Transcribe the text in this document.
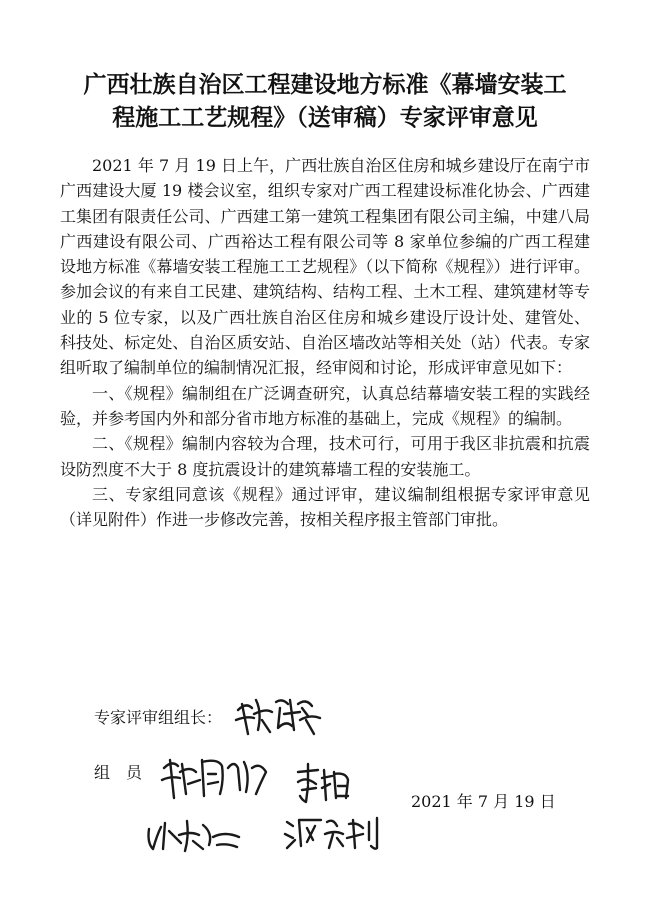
广西壮族自治区工程建设地方标准《幕墙安装工
程施工工艺规程》（送审稿）专家评审意见

2021 年 7 月 19 日上午，广西壮族自治区住房和城乡建设厅在南宁市广西建设大厦 19 楼会议室，组织专家对广西工程建设标准化协会、广西建工集团有限责任公司、广西建工第一建筑工程集团有限公司主编，中建八局广西建设有限公司、广西裕达工程有限公司等 8 家单位参编的广西工程建设地方标准《幕墙安装工程施工工艺规程》（以下简称《规程》）进行评审。参加会议的有来自工民建、建筑结构、结构工程、土木工程、建筑建材等专业的 5 位专家，以及广西壮族自治区住房和城乡建设厅设计处、建管处、科技处、标定处、自治区质安站、自治区墙改站等相关处（站）代表。专家组听取了编制单位的编制情况汇报，经审阅和讨论，形成评审意见如下：

一、《规程》编制组在广泛调查研究，认真总结幕墙安装工程的实践经验，并参考国内外和部分省市地方标准的基础上，完成《规程》的编制。

二、《规程》编制内容较为合理，技术可行，可用于我区非抗震和抗震设防烈度不大于 8 度抗震设计的建筑幕墙工程的安装施工。

三、专家组同意该《规程》通过评审，建议编制组根据专家评审意见（详见附件）作进一步修改完善，按相关程序报主管部门审批。

专家评审组组长：
组　员
2021 年 7 月 19 日
